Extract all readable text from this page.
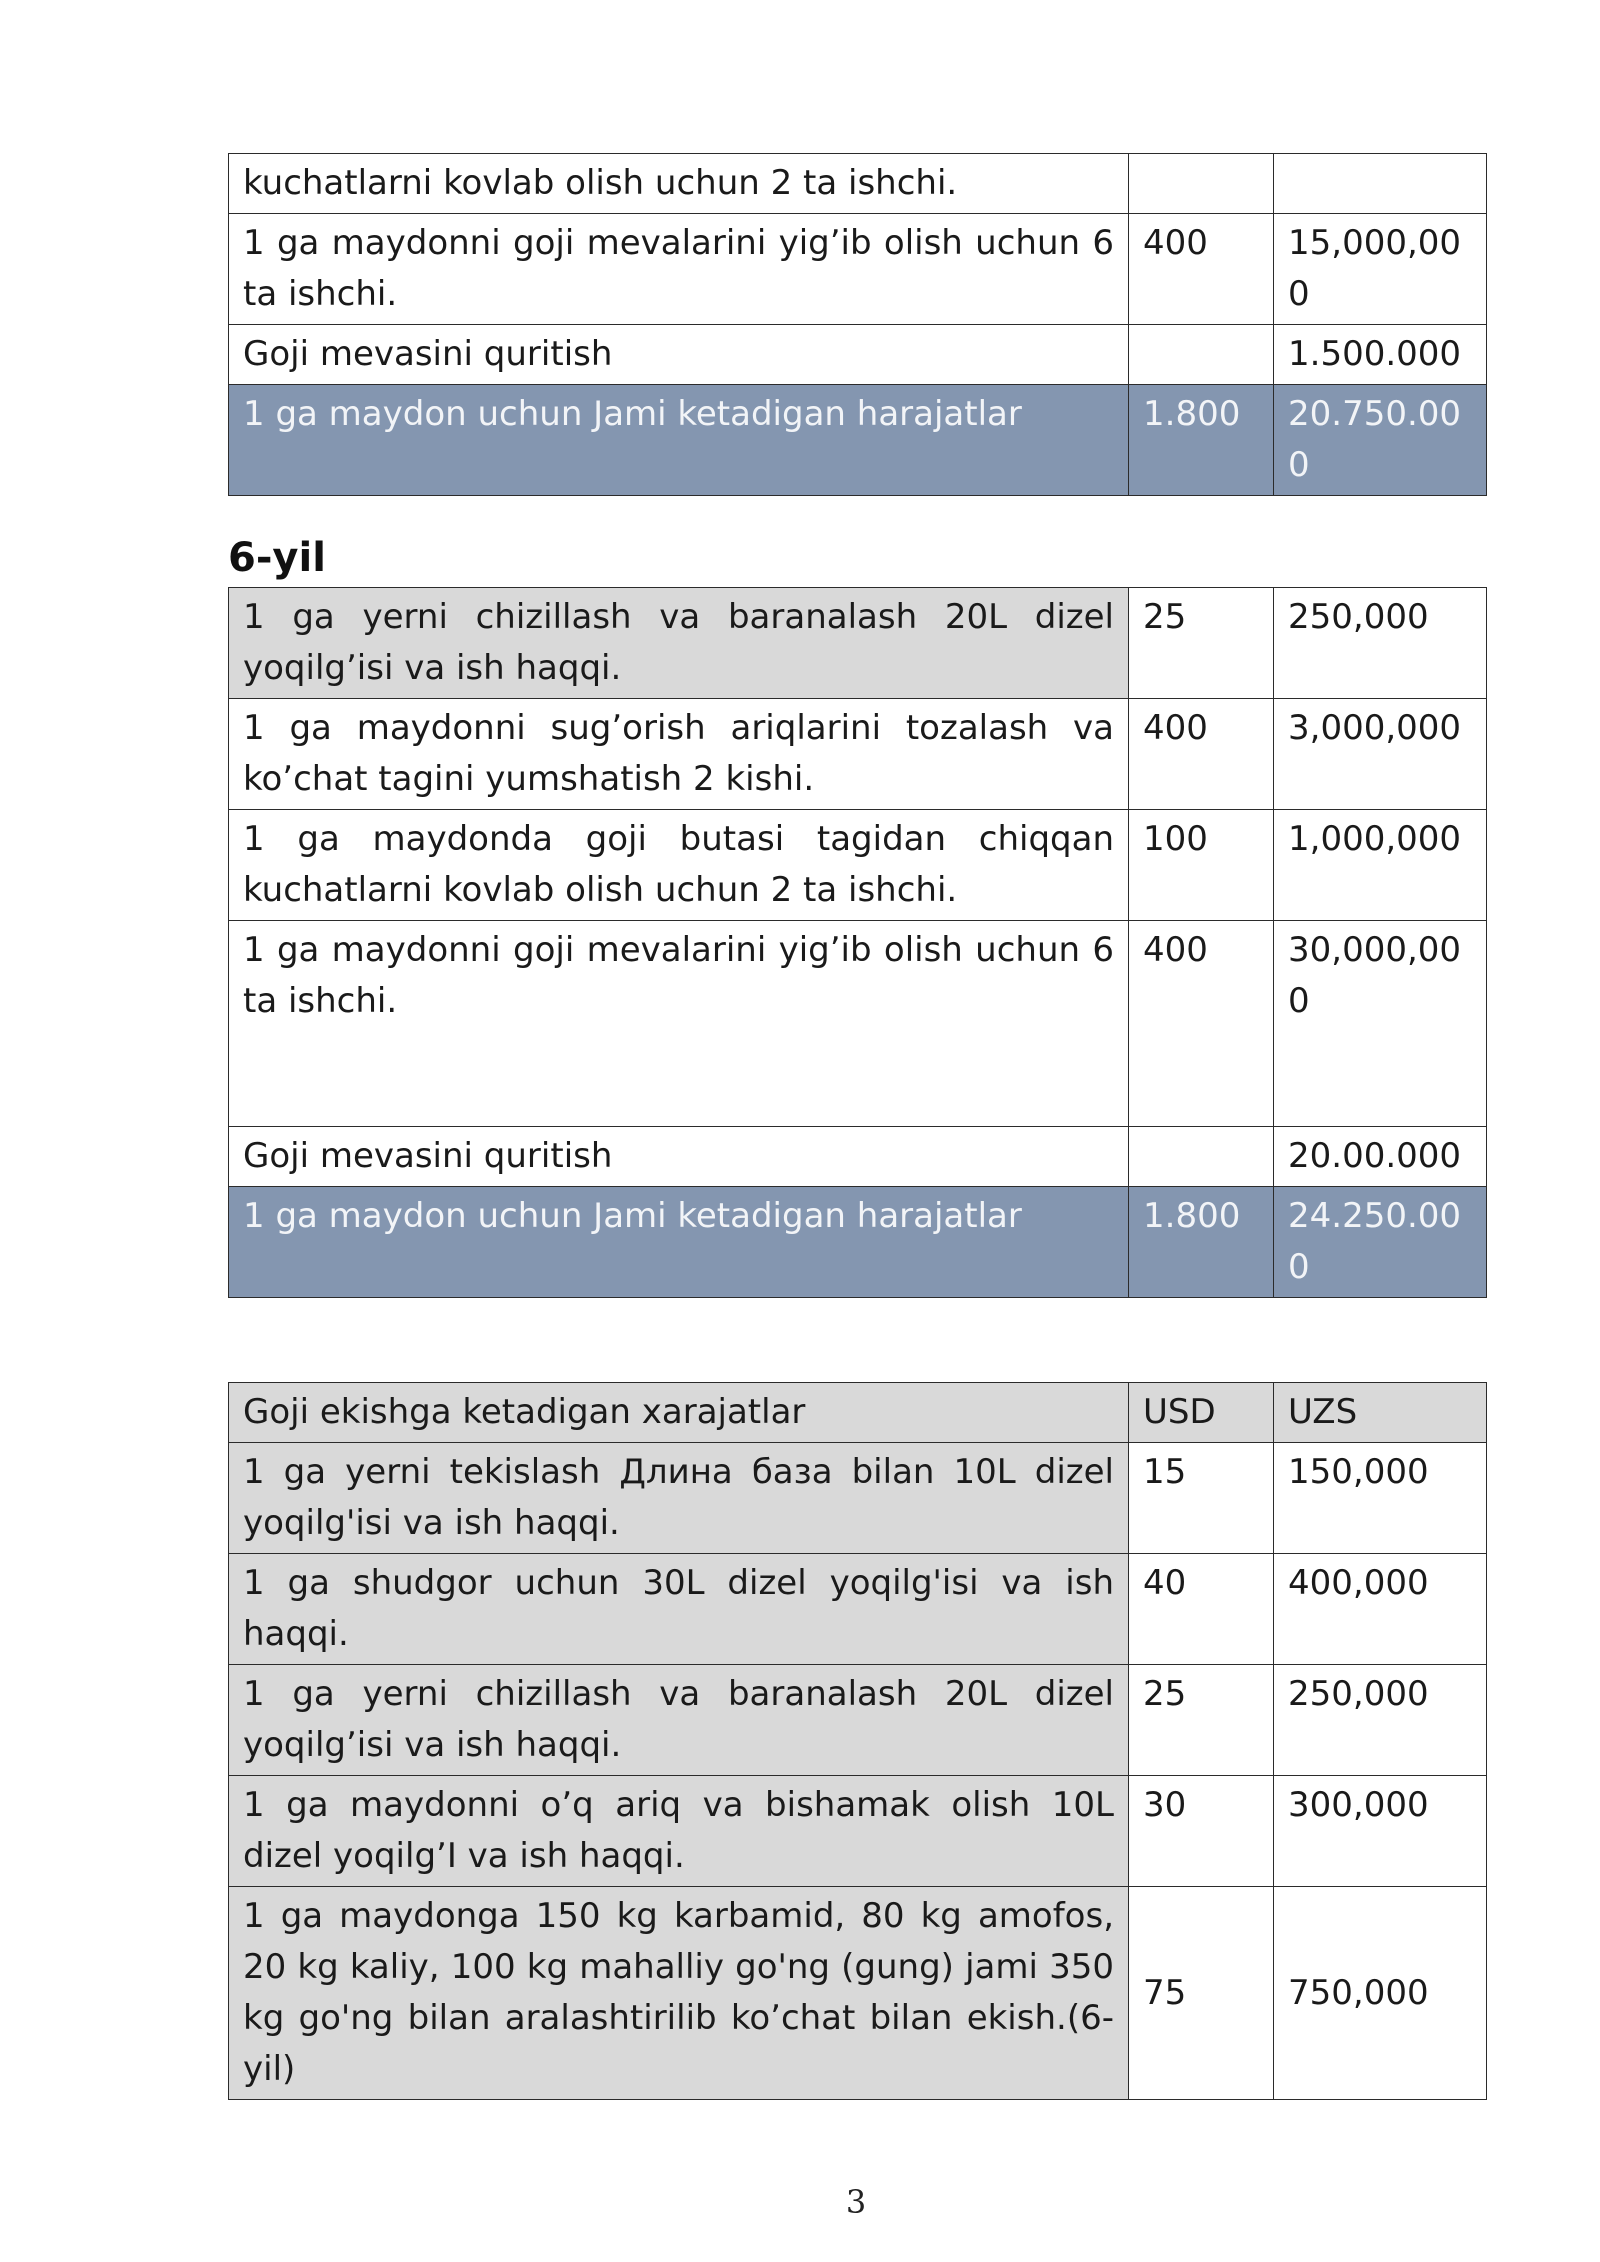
kuchatlarni kovlab olish uchun 2 ta ishchi.		
1 ga maydonni goji mevalarini yig’ib olish uchun 6 ta ishchi.	400	15,000,000
Goji mevasini quritish		1.500.000
1 ga maydon uchun Jami ketadigan harajatlar	1.800	20.750.000
6-yil
1 ga yerni chizillash va baranalash 20L dizel yoqilg’isi va ish haqqi.	25	250,000
1 ga maydonni sug’orish ariqlarini tozalash va ko’chat tagini yumshatish 2 kishi.	400	3,000,000
1 ga maydonda goji butasi tagidan chiqqan kuchatlarni kovlab olish uchun 2 ta ishchi.	100	1,000,000
1 ga maydonni goji mevalarini yig’ib olish uchun 6 ta ishchi.	400	30,000,000
Goji mevasini quritish		20.00.000
1 ga maydon uchun Jami ketadigan harajatlar	1.800	24.250.000
Goji ekishga ketadigan xarajatlar	USD	UZS
1 ga yerni tekislash Длина база bilan 10L dizel yoqilg'isi va ish haqqi.	15	150,000
1 ga shudgor uchun 30L dizel yoqilg'isi va ish haqqi.	40	400,000
1 ga yerni chizillash va baranalash 20L dizel yoqilg’isi va ish haqqi.	25	250,000
1 ga maydonni o’q ariq va bishamak olish 10L dizel yoqilg’I va ish haqqi.	30	300,000
1 ga maydonga 150 kg karbamid, 80 kg amofos, 20 kg kaliy, 100 kg mahalliy go'ng (gung) jami 350 kg go'ng bilan aralashtirilib ko’chat bilan ekish.(6-yil)	75	750,000
3
